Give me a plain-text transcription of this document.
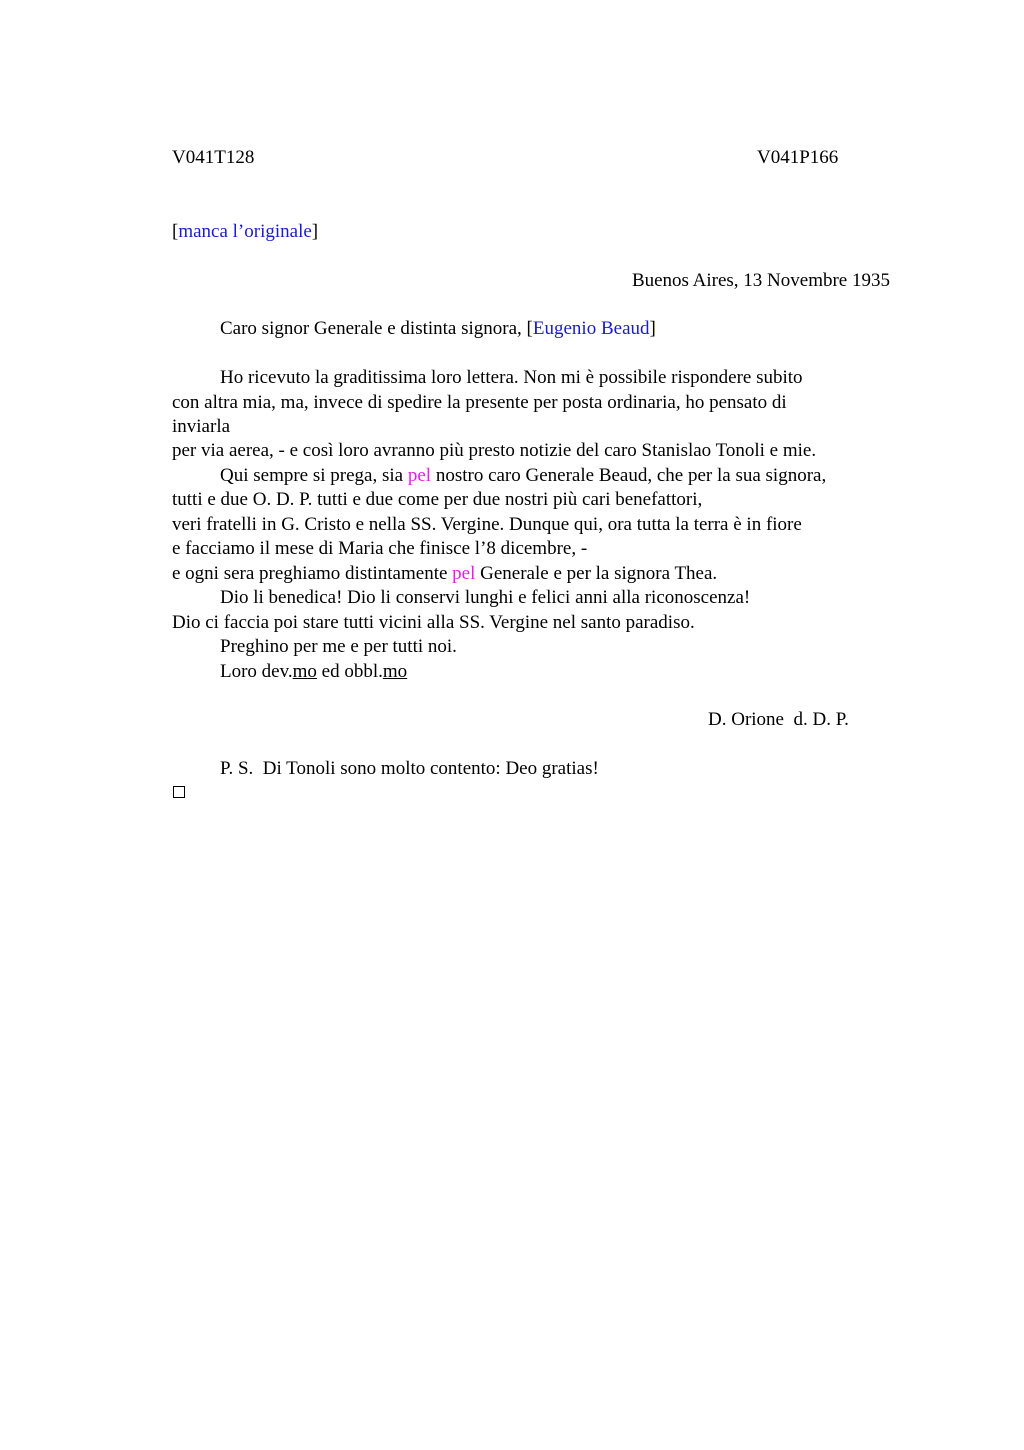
V041T128	V041P166
[manca l’originale]
Buenos Aires, 13 Novembre 1935
Caro signor Generale e distinta signora, [Eugenio Beaud]
Ho ricevuto la graditissima loro lettera. Non mi è possibile rispondere subito
con altra mia, ma, invece di spedire la presente per posta ordinaria, ho pensato di
inviarla
per via aerea, - e così loro avranno più presto notizie del caro Stanislao Tonoli e mie.
Qui sempre si prega, sia pel nostro caro Generale Beaud, che per la sua signora,
tutti e due O. D. P. tutti e due come per due nostri più cari benefattori,
veri fratelli in G. Cristo e nella SS. Vergine. Dunque qui, ora tutta la terra è in fiore
e facciamo il mese di Maria che finisce l’8 dicembre, -
e ogni sera preghiamo distintamente pel Generale e per la signora Thea.
Dio li benedica! Dio li conservi lunghi e felici anni alla riconoscenza!
Dio ci faccia poi stare tutti vicini alla SS. Vergine nel santo paradiso.
Preghino per me e per tutti noi.
Loro dev.mo ed obbl.mo
D. Orione  d. D. P.
P. S.  Di Tonoli sono molto contento: Deo gratias!
